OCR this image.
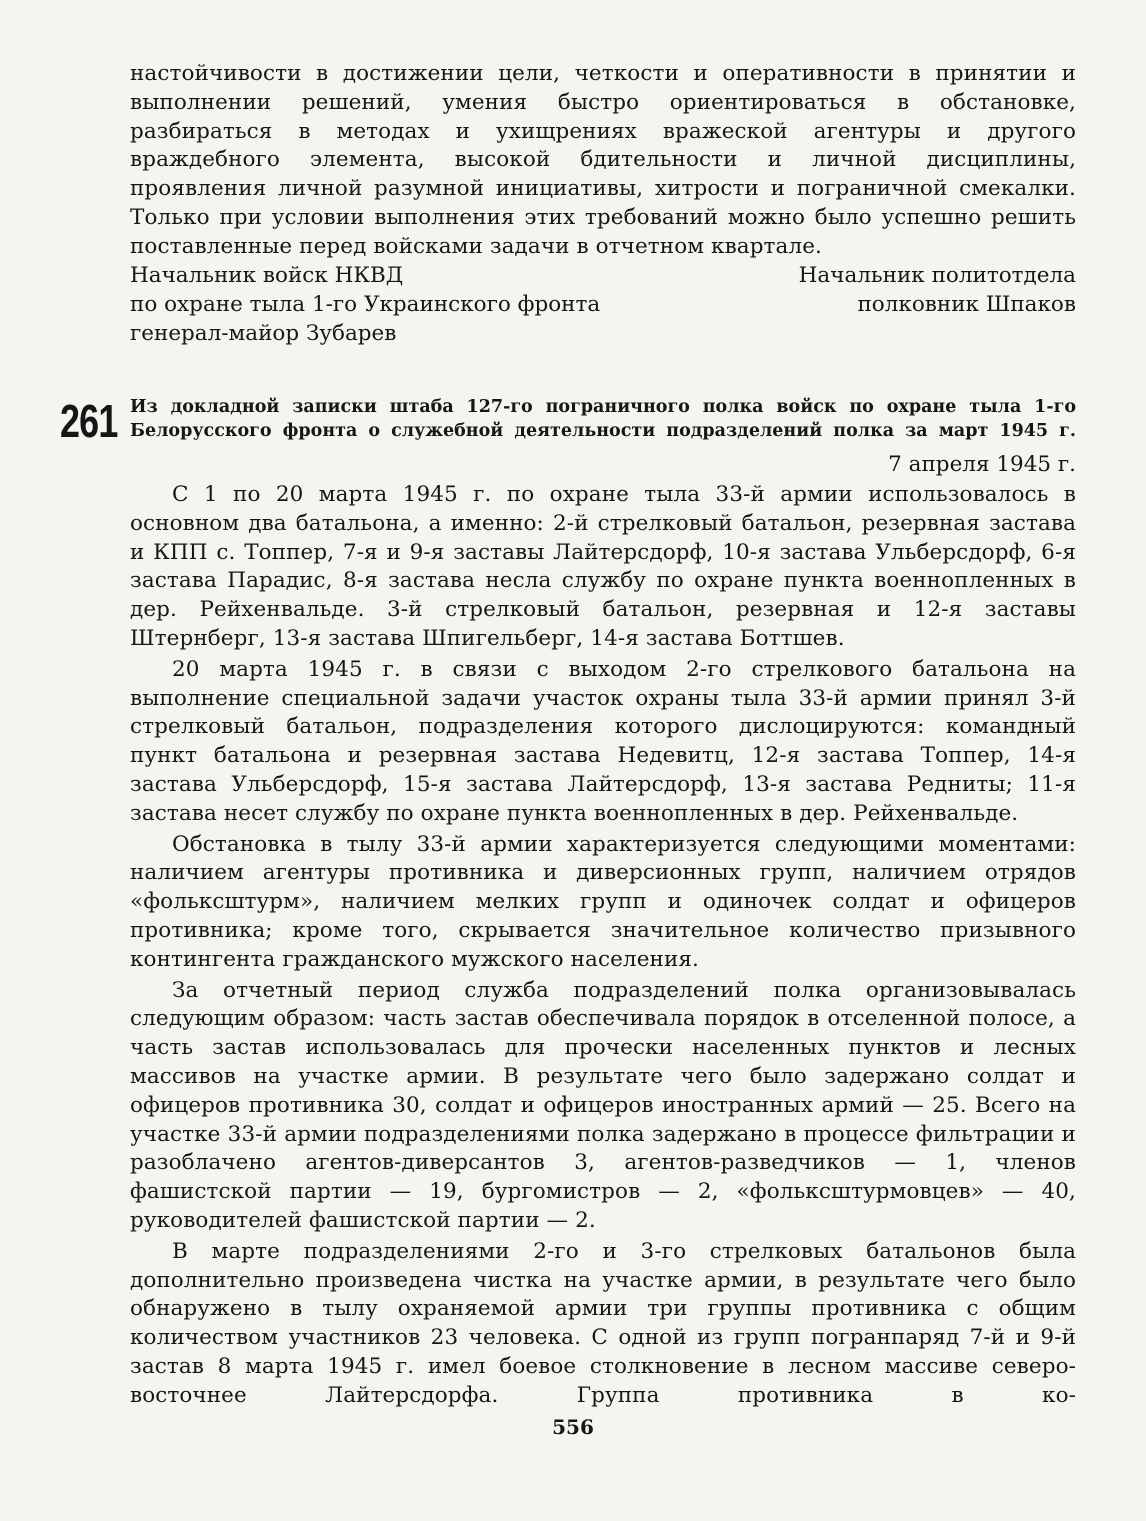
настойчивости в достижении цели, четкости и оперативности в принятии и выполнении решений, умения быстро ориентироваться в обстановке, разбираться в методах и ухищрениях вражеской агентуры и другого враждебного элемента, высокой бдительности и личной дисциплины, проявления личной разумной инициативы, хитрости и пограничной смекалки. Только при условии выполнения этих требований можно было успешно решить поставленные перед войсками задачи в отчетном квартале.

Начальник войск НКВД
по охране тыла 1-го Украинского фронта
генерал-майор Зубарев
Начальник политотдела
полковник Шпаков
261 Из докладной записки штаба 127-го пограничного полка войск по охране тыла 1-го
Белорусского фронта о служебной деятельности подразделений полка за март 1945 г.
7 апреля 1945 г.

С 1 по 20 марта 1945 г. по охране тыла 33-й армии использовалось в основном два батальона, а именно: 2-й стрелковый батальон, резервная застава и КПП с. Топпер, 7-я и 9-я заставы Лайтерсдорф, 10-я застава Ульберсдорф, 6-я застава Парадис, 8-я застава несла службу по охране пункта военнопленных в дер. Рейхенвальде. 3-й стрелковый батальон, резервная и 12-я заставы Штернберг, 13-я застава Шпигельберг, 14-я застава Боттшев.

20 марта 1945 г. в связи с выходом 2-го стрелкового батальона на выполнение специальной задачи участок охраны тыла 33-й армии принял 3-й стрелковый батальон, подразделения которого дислоцируются: командный пункт батальона и резервная застава Недевитц, 12-я застава Топпер, 14-я застава Ульберсдорф, 15-я застава Лайтерсдорф, 13-я застава Редниты; 11-я застава несет службу по охране пункта военнопленных в дер. Рейхенвальде.

Обстановка в тылу 33-й армии характеризуется следующими моментами: наличием агентуры противника и диверсионных групп, наличием отрядов «фольксштурм», наличием мелких групп и одиночек солдат и офицеров противника; кроме того, скрывается значительное количество призывного контингента гражданского мужского населения.

За отчетный период служба подразделений полка организовывалась следующим образом: часть застав обеспечивала порядок в отселенной полосе, а часть застав использовалась для прочески населенных пунктов и лесных массивов на участке армии. В результате чего было задержано солдат и офицеров противника 30, солдат и офицеров иностранных армий — 25. Всего на участке 33-й армии подразделениями полка задержано в процессе фильтрации и разоблачено агентов-диверсантов 3, агентов-разведчиков — 1, членов фашистской партии — 19, бургомистров — 2, «фольксштурмовцев» — 40, руководителей фашистской партии — 2.

В марте подразделениями 2-го и 3-го стрелковых батальонов была дополнительно произведена чистка на участке армии, в результате чего было обнаружено в тылу охраняемой армии три группы противника с общим количеством участников 23 человека. С одной из групп погранпаряд 7-й и 9-й застав 8 марта 1945 г. имел боевое столкновение в лесном массиве северо-восточнее Лайтерсдорфа. Группа противника в ко-

556
